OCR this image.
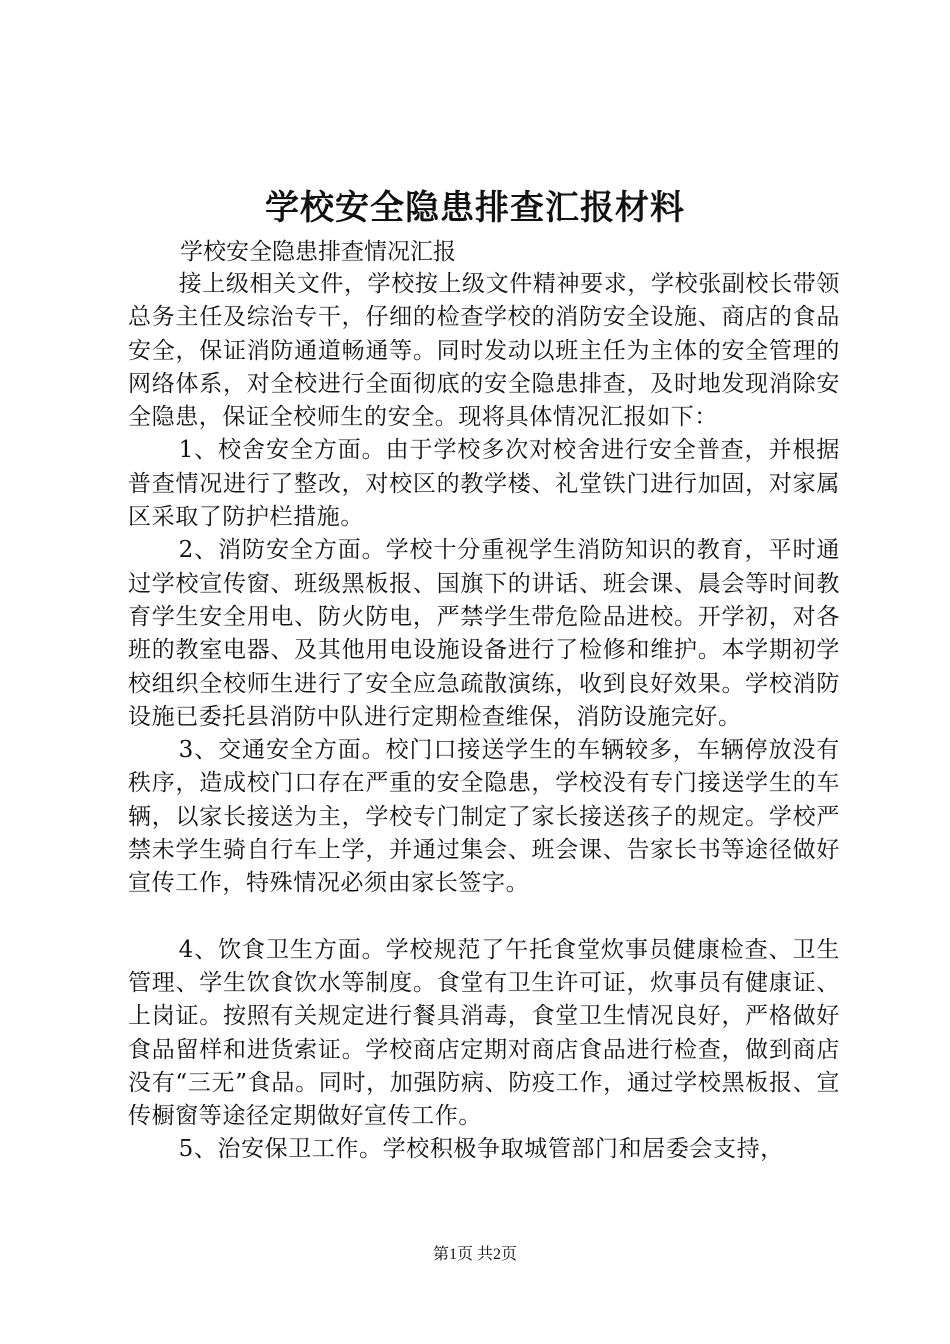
学校安全隐患排查汇报材料

学校安全隐患排查情况汇报

接上级相关文件，学校按上级文件精神要求，学校张副校长带领总务主任及综治专干，仔细的检查学校的消防安全设施、商店的食品安全，保证消防通道畅通等。同时发动以班主任为主体的安全管理的网络体系，对全校进行全面彻底的安全隐患排查，及时地发现消除安全隐患，保证全校师生的安全。现将具体情况汇报如下：

1、校舍安全方面。由于学校多次对校舍进行安全普查，并根据普查情况进行了整改，对校区的教学楼、礼堂铁门进行加固，对家属区采取了防护栏措施。

2、消防安全方面。学校十分重视学生消防知识的教育，平时通过学校宣传窗、班级黑板报、国旗下的讲话、班会课、晨会等时间教育学生安全用电、防火防电，严禁学生带危险品进校。开学初，对各班的教室电器、及其他用电设施设备进行了检修和维护。本学期初学校组织全校师生进行了安全应急疏散演练，收到良好效果。学校消防设施已委托县消防中队进行定期检查维保，消防设施完好。

3、交通安全方面。校门口接送学生的车辆较多，车辆停放没有秩序，造成校门口存在严重的安全隐患，学校没有专门接送学生的车辆，以家长接送为主，学校专门制定了家长接送孩子的规定。学校严禁未学生骑自行车上学，并通过集会、班会课、告家长书等途径做好宣传工作，特殊情况必须由家长签字。

4、饮食卫生方面。学校规范了午托食堂炊事员健康检查、卫生管理、学生饮食饮水等制度。食堂有卫生许可证，炊事员有健康证、上岗证。按照有关规定进行餐具消毒，食堂卫生情况良好，严格做好食品留样和进货索证。学校商店定期对商店食品进行检查，做到商店没有“三无”食品。同时，加强防病、防疫工作，通过学校黑板报、宣传橱窗等途径定期做好宣传工作。

5、治安保卫工作。学校积极争取城管部门和居委会支持，

第1页 共2页
